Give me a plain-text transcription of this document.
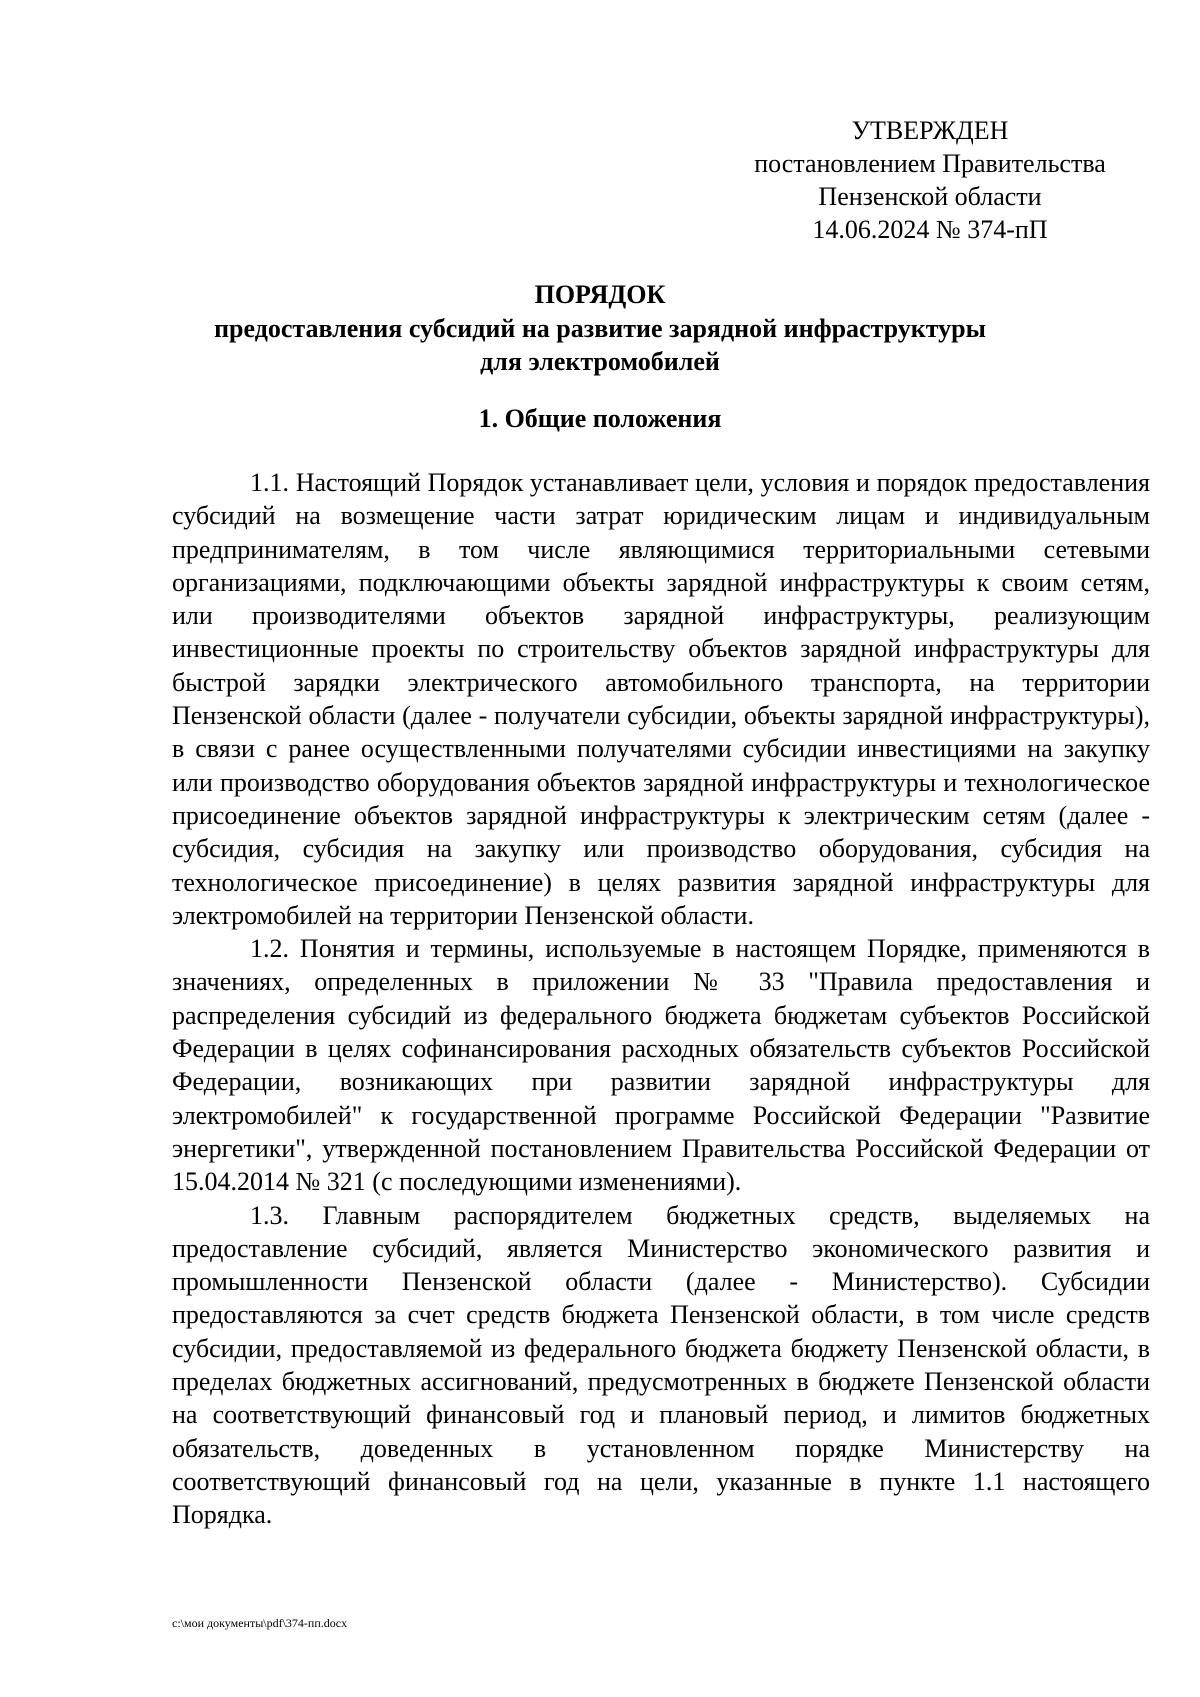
УТВЕРЖДЕН
постановлением Правительства
Пензенской области
14.06.2024 № 374-пП
ПОРЯДОК
предоставления субсидий на развитие зарядной инфраструктуры
для электромобилей
1. Общие положения

1.1. Настоящий Порядок устанавливает цели, условия и порядок предоставления субсидий на возмещение части затрат юридическим лицам и индивидуальным предпринимателям, в том числе являющимися территориальными сетевыми организациями, подключающими объекты зарядной инфраструктуры к своим сетям, или производителями объектов зарядной инфраструктуры, реализующим инвестиционные проекты по строительству объектов зарядной инфраструктуры для быстрой зарядки электрического автомобильного транспорта, на территории Пензенской области (далее - получатели субсидии, объекты зарядной инфраструктуры), в связи с ранее осуществленными получателями субсидии инвестициями на закупку или производство оборудования объектов зарядной инфраструктуры и технологическое присоединение объектов зарядной инфраструктуры к электрическим сетям (далее - субсидия, субсидия на закупку или производство оборудования, субсидия на технологическое присоединение) в целях развития зарядной инфраструктуры для электромобилей на территории Пензенской области.

1.2. Понятия и термины, используемые в настоящем Порядке, применяются в значениях, определенных в приложении № 33 "Правила предоставления и распределения субсидий из федерального бюджета бюджетам субъектов Российской Федерации в целях софинансирования расходных обязательств субъектов Российской Федерации, возникающих при развитии зарядной инфраструктуры для электромобилей" к государственной программе Российской Федерации "Развитие энергетики", утвержденной постановлением Правительства Российской Федерации от 15.04.2014 № 321 (с последующими изменениями).

1.3. Главным распорядителем бюджетных средств, выделяемых на предоставление субсидий, является Министерство экономического развития и промышленности Пензенской области (далее - Министерство). Субсидии предоставляются за счет средств бюджета Пензенской области, в том числе средств субсидии, предоставляемой из федерального бюджета бюджету Пензенской области, в пределах бюджетных ассигнований, предусмотренных в бюджете Пензенской области на соответствующий финансовый год и плановый период, и лимитов бюджетных обязательств, доведенных в установленном порядке Министерству на соответствующий финансовый год на цели, указанные в пункте 1.1 настоящего Порядка.

c:\мои документы\pdf\374-пп.docx
